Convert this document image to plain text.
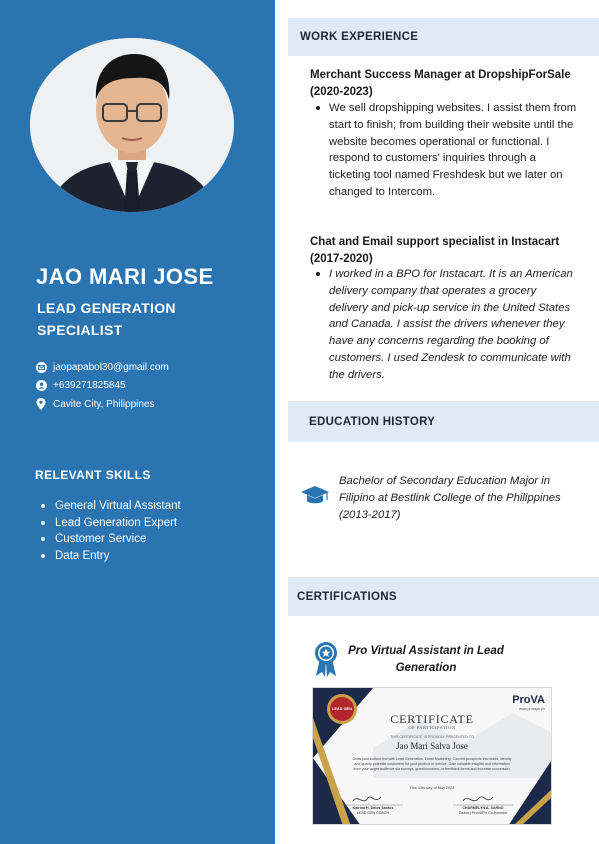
JAO MARI JOSE
LEAD GENERATION SPECIALIST
jaopapabol30@gmail.com
+639271825845
Cavite City, Philippines
RELEVANT SKILLS
General Virtual Assistant
Lead Generation Expert
Customer Service
Data Entry
WORK EXPERIENCE
Merchant Success Manager at DropshipForSale (2020-2023)
We sell dropshipping websites. I assist them from start to finish; from building their website until the website becomes operational or functional. I respond to customers' inquiries through a ticketing tool named Freshdesk but we later on changed to Intercom.
Chat and Email support specialist in Instacart (2017-2020)
I worked in a BPO for Instacart. It is an American delivery company that operates a grocery delivery and pick-up service in the United States and Canada. I assist the drivers whenever they have any concerns regarding the booking of customers. I used Zendesk to communicate with the drivers.
EDUCATION HISTORY
Bachelor of Secondary Education Major in Filipino at Bestlink College of the Philippines (2013-2017)
CERTIFICATIONS
Pro Virtual Assistant in Lead Generation
LEAD GEN
ProVA
www.provaph.ph
CERTIFICATE
OF PARTICIPATION
THIS CERTIFICATE IS PROUDLY PRESENTED TO
Jao Mari Salva Jose
Grow your bottom line with Lead Generation, Email Marketing. Convert prospects into leads, identify and qualify potential customers for your product or service. Gain valuable insights and information from your target audience via surveys, questionnaires, or feedback forms and increase conversion.
This 13th day of May 2023
Katrina H. Delos Santos
LEAD GEN COACH
CHARMELYN A. SARNO
Coach | ProVAPH Co-Founder
